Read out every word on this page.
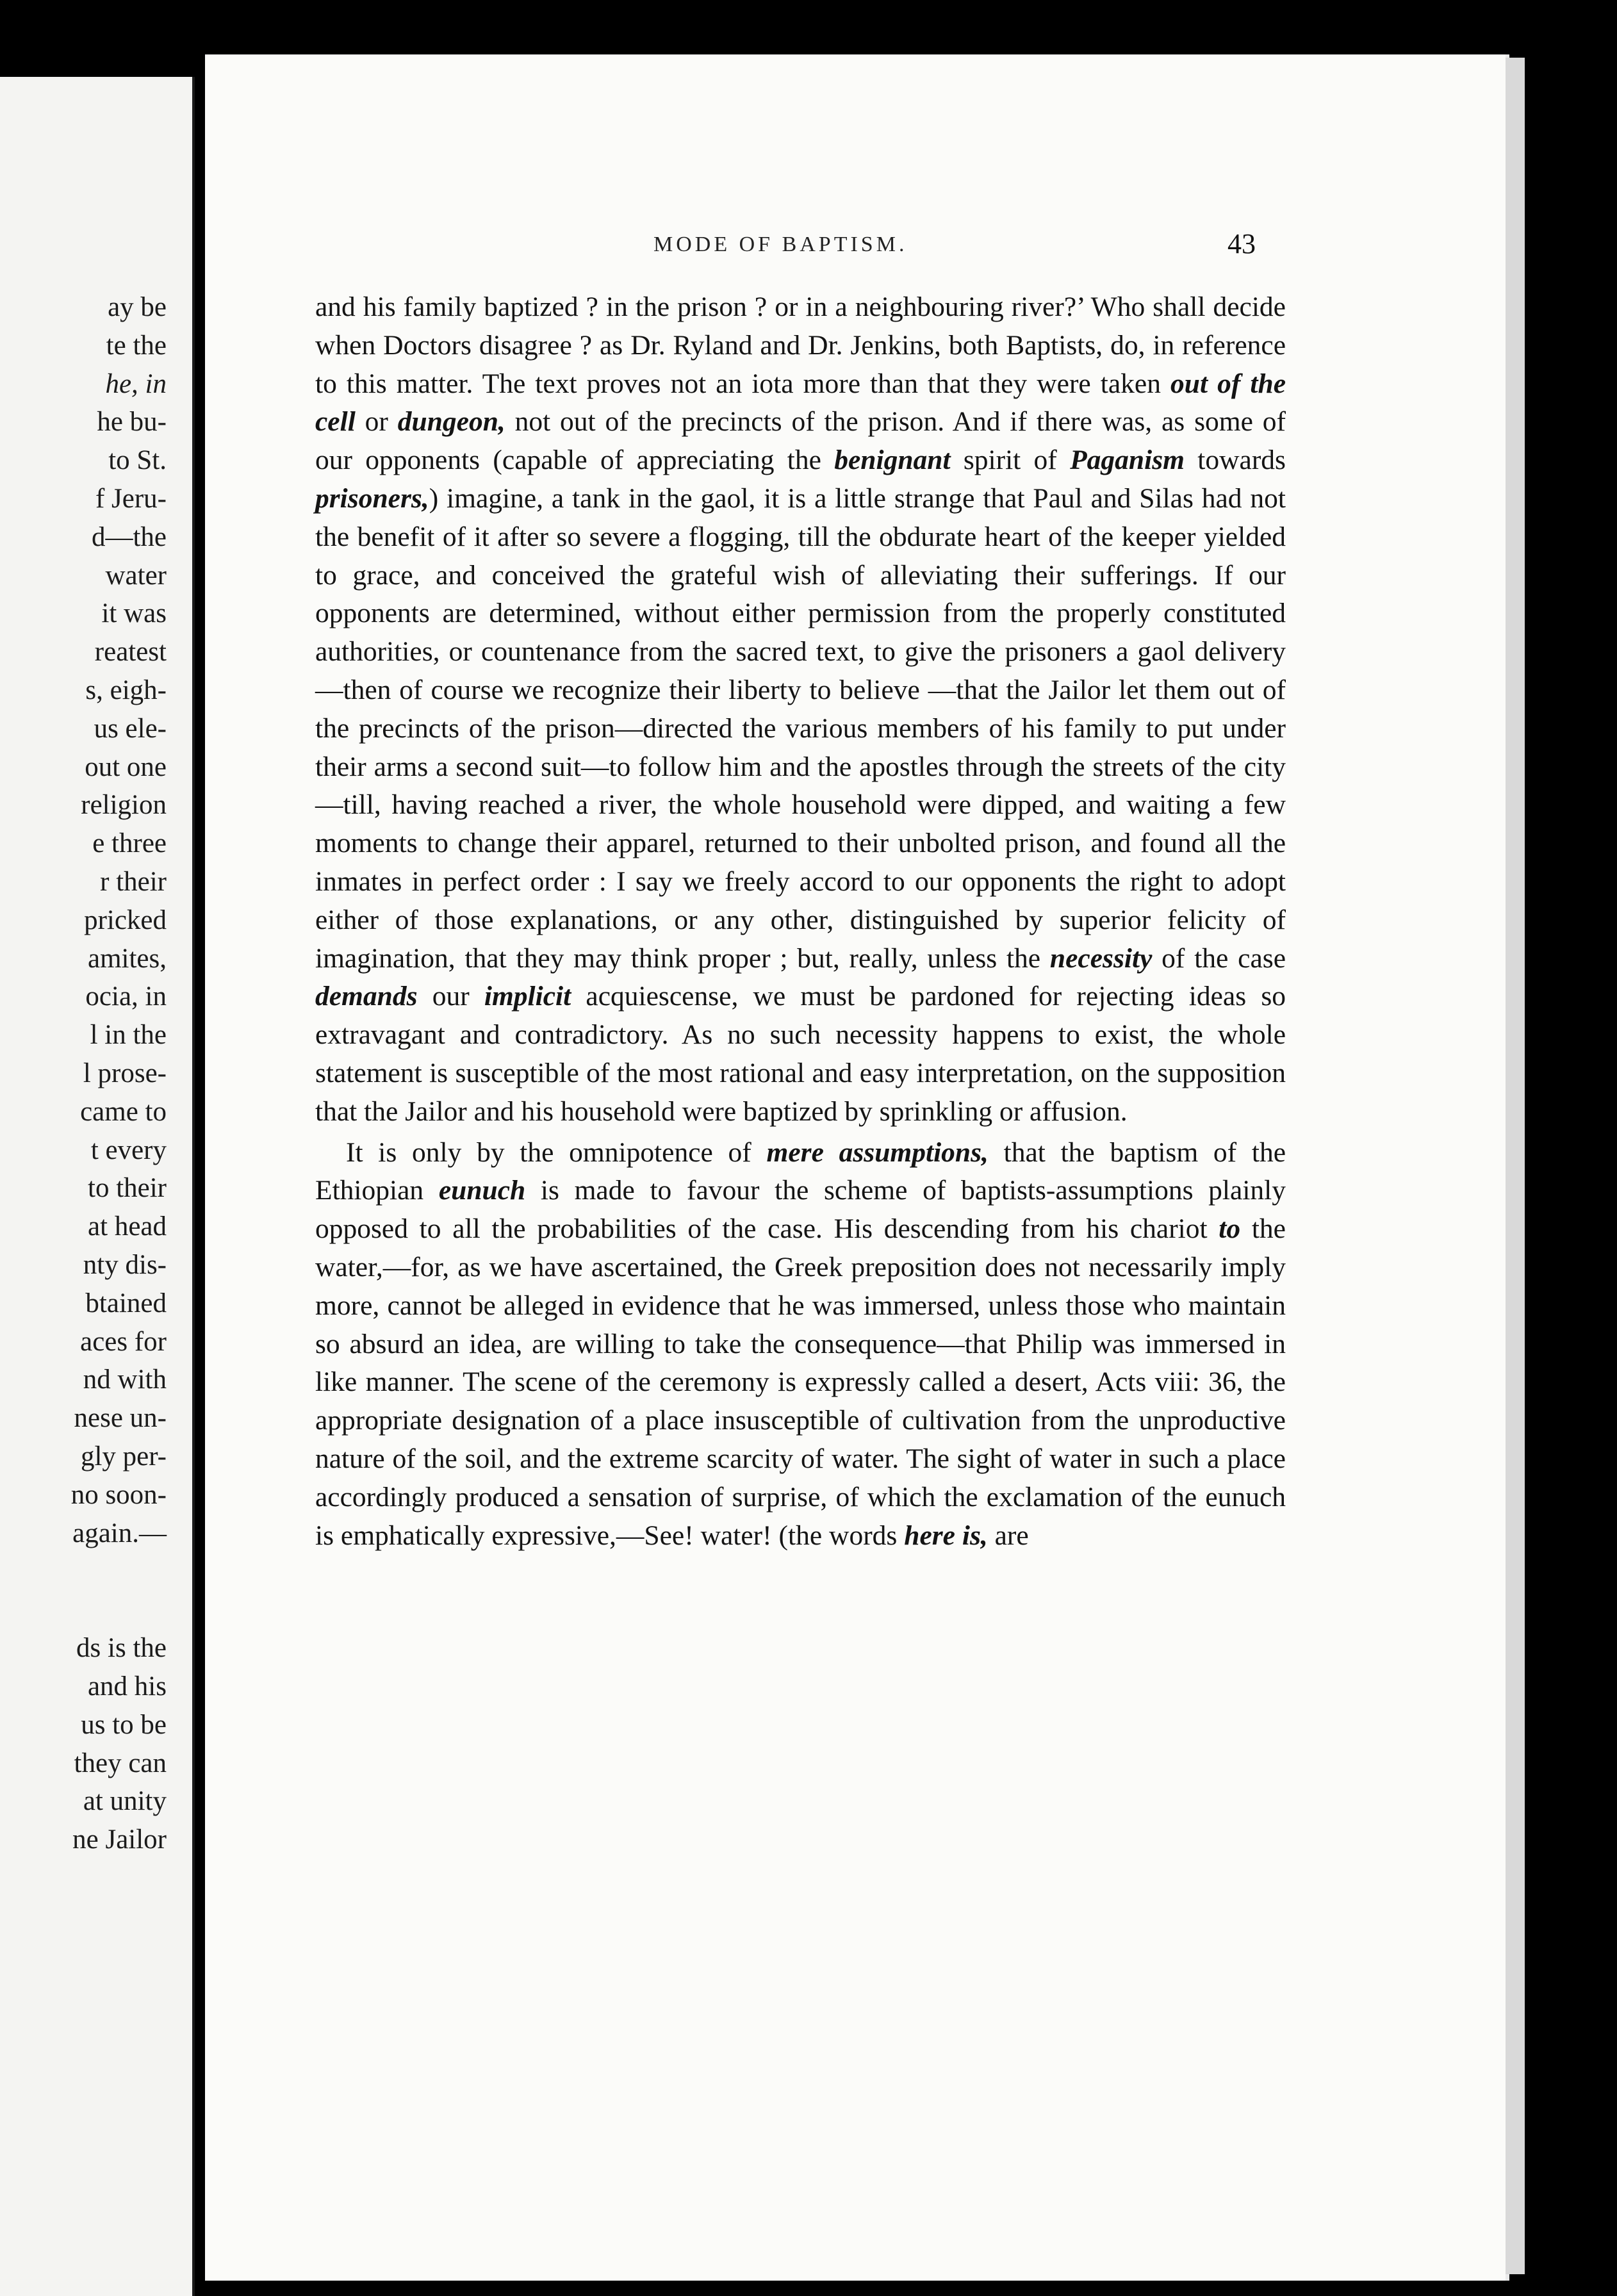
ay be
te the
he, in
he bu-
to St.
f Jeru-
d—the
water
it was
reatest
s, eigh-
us ele-
out one
religion
e three
r their
pricked
amites,
ocia, in
l in the
l prose-
came to
t every
to their
at head
nty dis-
btained
aces for
nd with
nese un-
gly per-
no soon-
again.—
ds is the
and his
us to be
they can
at unity
ne Jailor
MODE OF BAPTISM.	43

and his family baptized ? in the prison ? or in a neighbouring river?’ Who shall decide when Doctors disagree ? as Dr. Ryland and Dr. Jenkins, both Baptists, do, in reference to this matter. The text proves not an iota more than that they were taken out of the cell or dungeon, not out of the precincts of the prison. And if there was, as some of our opponents (capable of appreciating the benignant spirit of Paganism towards prisoners,) imagine, a tank in the gaol, it is a little strange that Paul and Silas had not the benefit of it after so severe a flogging, till the obdurate heart of the keeper yielded to grace, and conceived the grateful wish of alleviating their sufferings. If our opponents are determined, without either permission from the properly constituted authorities, or countenance from the sacred text, to give the prisoners a gaol delivery—then of course we recognize their liberty to believe —that the Jailor let them out of the precincts of the prison—directed the various members of his family to put under their arms a second suit—to follow him and the apostles through the streets of the city—till, having reached a river, the whole household were dipped, and waiting a few moments to change their apparel, returned to their unbolted prison, and found all the inmates in perfect order : I say we freely accord to our opponents the right to adopt either of those explanations, or any other, distinguished by superior felicity of imagination, that they may think proper ; but, really, unless the necessity of the case demands our implicit acquiescense, we must be pardoned for rejecting ideas so extravagant and contradictory. As no such necessity happens to exist, the whole statement is susceptible of the most rational and easy interpretation, on the supposition that the Jailor and his household were baptized by sprinkling or affusion.

It is only by the omnipotence of mere assumptions, that the baptism of the Ethiopian eunuch is made to favour the scheme of baptists-assumptions plainly opposed to all the probabilities of the case. His descending from his chariot to the water,—for, as we have ascertained, the Greek preposition does not necessarily imply more, cannot be alleged in evidence that he was immersed, unless those who maintain so absurd an idea, are willing to take the consequence—that Philip was immersed in like manner. The scene of the ceremony is expressly called a desert, Acts viii: 36, the appropriate designation of a place insusceptible of cultivation from the unproductive nature of the soil, and the extreme scarcity of water. The sight of water in such a place accordingly produced a sensation of surprise, of which the exclamation of the eunuch is emphatically expressive,—See! water! (the words here is, are
